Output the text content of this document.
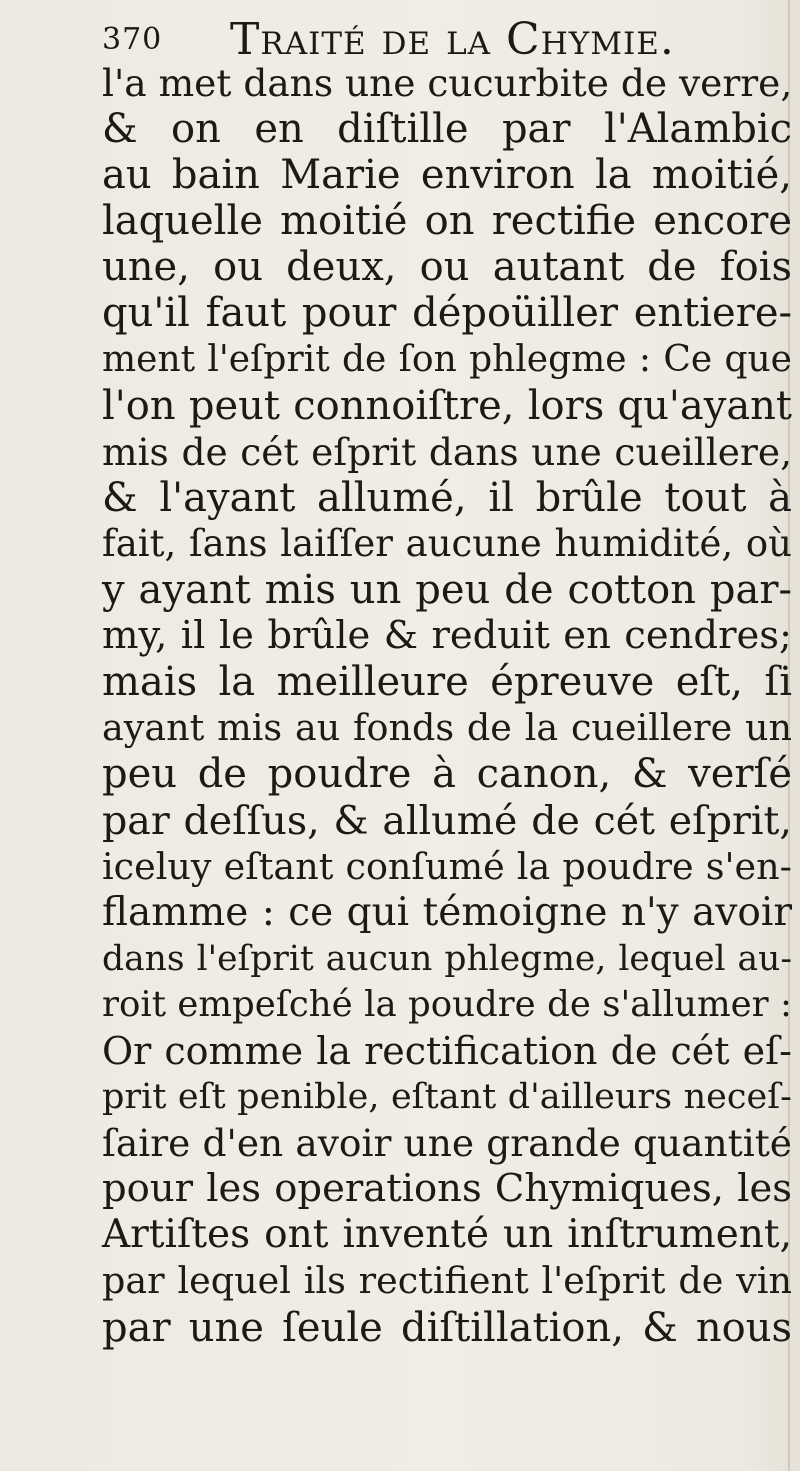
370 Traité de la Chymie.
l'a met dans une cucurbite de verre,
& on en diſtille par l'Alambic
au bain Marie environ la moitié,
laquelle moitié on rectifie encore
une, ou deux, ou autant de fois
qu'il faut pour dépoüiller entiere-
ment l'eſprit de ſon phlegme : Ce que
l'on peut connoiſtre, lors qu'ayant
mis de cét eſprit dans une cueillere,
& l'ayant allumé, il brûle tout à
fait, ſans laiſſer aucune humidité, où
y ayant mis un peu de cotton par-
my, il le brûle & reduit en cendres;
mais la meilleure épreuve eſt, ſi
ayant mis au fonds de la cueillere un
peu de poudre à canon, & verſé
par deſſus, & allumé de cét eſprit,
iceluy eſtant conſumé la poudre s'en-
flamme : ce qui témoigne n'y avoir
dans l'eſprit aucun phlegme, lequel au-
roit empeſché la poudre de s'allumer :
Or comme la rectification de cét eſ-
prit eſt penible, eſtant d'ailleurs neceſ-
ſaire d'en avoir une grande quantité
pour les operations Chymiques, les
Artiſtes ont inventé un inſtrument,
par lequel ils rectifient l'eſprit de vin
par une ſeule diſtillation, & nous
